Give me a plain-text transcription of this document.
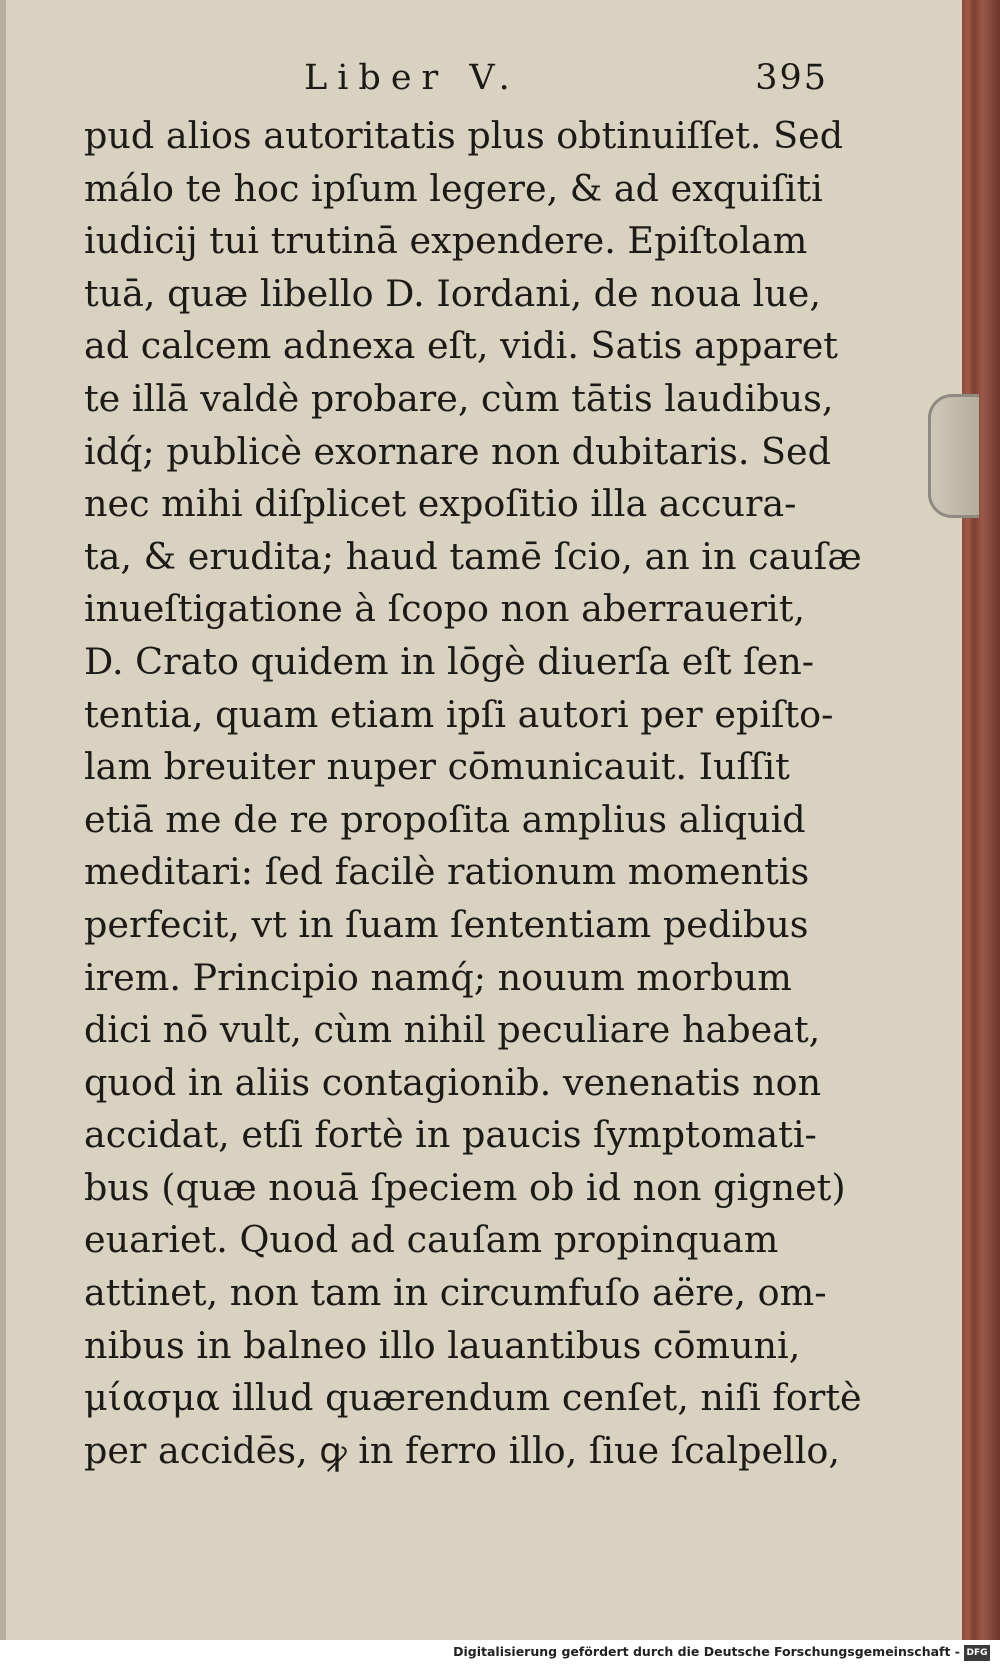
Liber V.	395
pud alios autoritatis plus obtinuiſſet. Sed
málo te hoc ipſum legere, & ad exquiſiti
iudicij tui trutinā expendere. Epiſtolam
tuā, quæ libello D. Iordani, de noua lue,
ad calcem adnexa eſt, vidi. Satis apparet
te illā valdè probare, cùm tātis laudibus,
idq́; publicè exornare non dubitaris. Sed
nec mihi diſplicet expoſitio illa accura-
ta, & erudita; haud tamē ſcio, an in cauſæ
inueſtigatione à ſcopo non aberrauerit,
D. Crato quidem in lōgè diuerſa eſt ſen-
tentia, quam etiam ipſi autori per epiſto-
lam breuiter nuper cōmunicauit. Iuſſit
etiā me de re propoſita amplius aliquid
meditari: ſed facilè rationum momentis
perfecit, vt in ſuam ſententiam pedibus
irem. Principio namq́; nouum morbum
dici nō vult, cùm nihil peculiare habeat,
quod in aliis contagionib. venenatis non
accidat, etſi fortè in paucis ſymptomati-
bus (quæ nouā ſpeciem ob id non gignet)
euariet. Quod ad cauſam propinquam
attinet, non tam in circumfuſo aëre, om-
nibus in balneo illo lauantibus cōmuni,
μίασμα illud quærendum cenſet, niſi fortè
per accidēs, ꝙ in ferro illo, ſiue ſcalpello,
Digitalisierung gefördert durch die Deutsche Forschungsgemeinschaft - DFG
